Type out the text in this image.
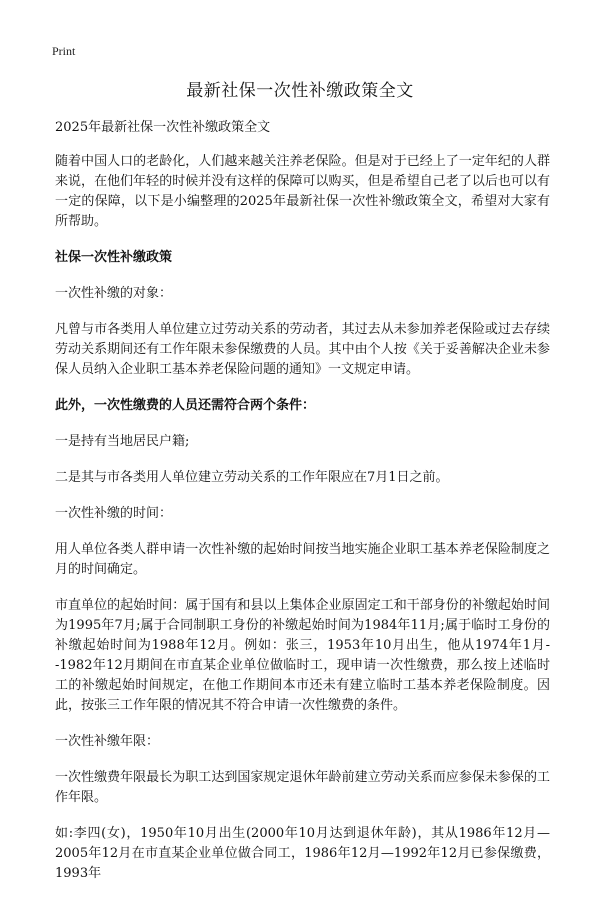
Print
最新社保一次性补缴政策全文

2025年最新社保一次性补缴政策全文

随着中国人口的老龄化，人们越来越关注养老保险。但是对于已经上了一定年纪的人群来说，在他们年轻的时候并没有这样的保障可以购买，但是希望自己老了以后也可以有一定的保障，以下是小编整理的2025年最新社保一次性补缴政策全文，希望对大家有所帮助。

社保一次性补缴政策

一次性补缴的对象：

凡曾与市各类用人单位建立过劳动关系的劳动者，其过去从未参加养老保险或过去存续劳动关系期间还有工作年限未参保缴费的人员。其中由个人按《关于妥善解决企业未参保人员纳入企业职工基本养老保险问题的通知》一文规定申请。

此外，一次性缴费的人员还需符合两个条件：

一是持有当地居民户籍;

二是其与市各类用人单位建立劳动关系的工作年限应在7月1日之前。

一次性补缴的时间：

用人单位各类人群申请一次性补缴的起始时间按当地实施企业职工基本养老保险制度之月的时间确定。

市直单位的起始时间：属于国有和县以上集体企业原固定工和干部身份的补缴起始时间为1995年7月;属于合同制职工身份的补缴起始时间为1984年11月;属于临时工身份的补缴起始时间为1988年12月。例如：张三，1953年10月出生，他从1974年1月--1982年12月期间在市直某企业单位做临时工，现申请一次性缴费，那么按上述临时工的补缴起始时间规定，在他工作期间本市还未有建立临时工基本养老保险制度。因此，按张三工作年限的情况其不符合申请一次性缴费的条件。

一次性补缴年限：

一次性缴费年限最长为职工达到国家规定退休年龄前建立劳动关系而应参保未参保的工作年限。

如:李四(女)，1950年10月出生(2000年10月达到退休年龄)，其从1986年12月—2005年12月在市直某企业单位做合同工，1986年12月—1992年12月已参保缴费，1993年
